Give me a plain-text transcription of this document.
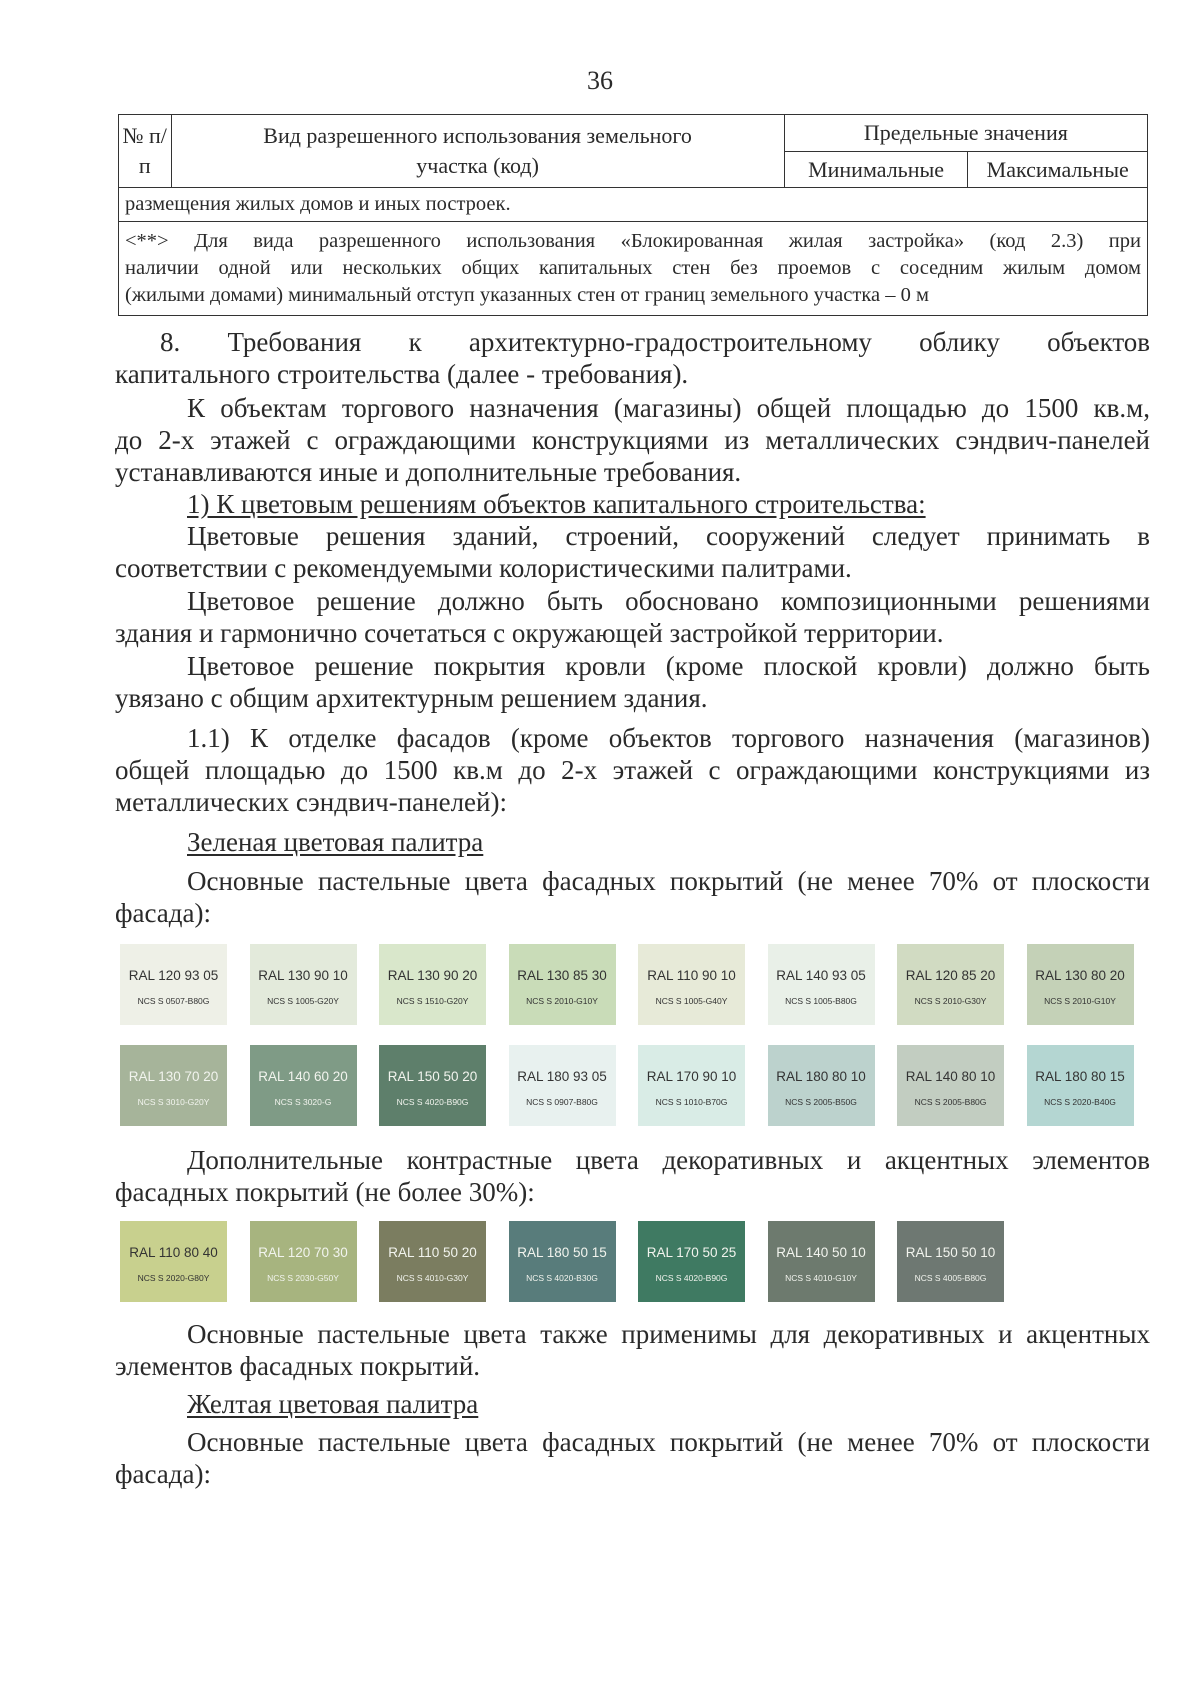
36
№ п/п	Вид разрешенного использования земельного участка (код)	Предельные значения	
		Минимальные	Максимальные
размещения жилых домов и иных построек.			

<**> Для вида разрешенного использования «Блокированная жилая застройка» (код 2.3) при
наличии одной или нескольких общих капитальных стен без проемов с соседним жилым домом
(жилыми домами) минимальный отступ указанных стен от границ земельного участка – 0 м			
8. Требования к архитектурно-градостроительному облику объектов
капитального строительства (далее - требования).
К объектам торгового назначения (магазины) общей площадью до 1500 кв.м,
до 2-х этажей с ограждающими конструкциями из металлических сэндвич-панелей
устанавливаются иные и дополнительные требования.
1) К цветовым решениям объектов капитального строительства:
Цветовые решения зданий, строений, сооружений следует принимать в
соответствии с рекомендуемыми колористическими палитрами.
Цветовое решение должно быть обосновано композиционными решениями
здания и гармонично сочетаться с окружающей застройкой территории.
Цветовое решение покрытия кровли (кроме плоской кровли) должно быть
увязано с общим архитектурным решением здания.
1.1) К отделке фасадов (кроме объектов торгового назначения (магазинов)
общей площадью до 1500 кв.м до 2-х этажей с ограждающими конструкциями из
металлических сэндвич-панелей):
Зеленая цветовая палитра
Основные пастельные цвета фасадных покрытий (не менее 70% от плоскости
фасада):
RAL 120 93 05
NCS S 0507-B80G
RAL 130 90 10
NCS S 1005-G20Y
RAL 130 90 20
NCS S 1510-G20Y
RAL 130 85 30
NCS S 2010-G10Y
RAL 110 90 10
NCS S 1005-G40Y
RAL 140 93 05
NCS S 1005-B80G
RAL 120 85 20
NCS S 2010-G30Y
RAL 130 80 20
NCS S 2010-G10Y
RAL 130 70 20
NCS S 3010-G20Y
RAL 140 60 20
NCS S 3020-G
RAL 150 50 20
NCS S 4020-B90G
RAL 180 93 05
NCS S 0907-B80G
RAL 170 90 10
NCS S 1010-B70G
RAL 180 80 10
NCS S 2005-B50G
RAL 140 80 10
NCS S 2005-B80G
RAL 180 80 15
NCS S 2020-B40G
Дополнительные контрастные цвета декоративных и акцентных элементов
фасадных покрытий (не более 30%):
RAL 110 80 40
NCS S 2020-G80Y
RAL 120 70 30
NCS S 2030-G50Y
RAL 110 50 20
NCS S 4010-G30Y
RAL 180 50 15
NCS S 4020-B30G
RAL 170 50 25
NCS S 4020-B90G
RAL 140 50 10
NCS S 4010-G10Y
RAL 150 50 10
NCS S 4005-B80G
Основные пастельные цвета также применимы для декоративных и акцентных
элементов фасадных покрытий.
Желтая цветовая палитра
Основные пастельные цвета фасадных покрытий (не менее 70% от плоскости
фасада):
